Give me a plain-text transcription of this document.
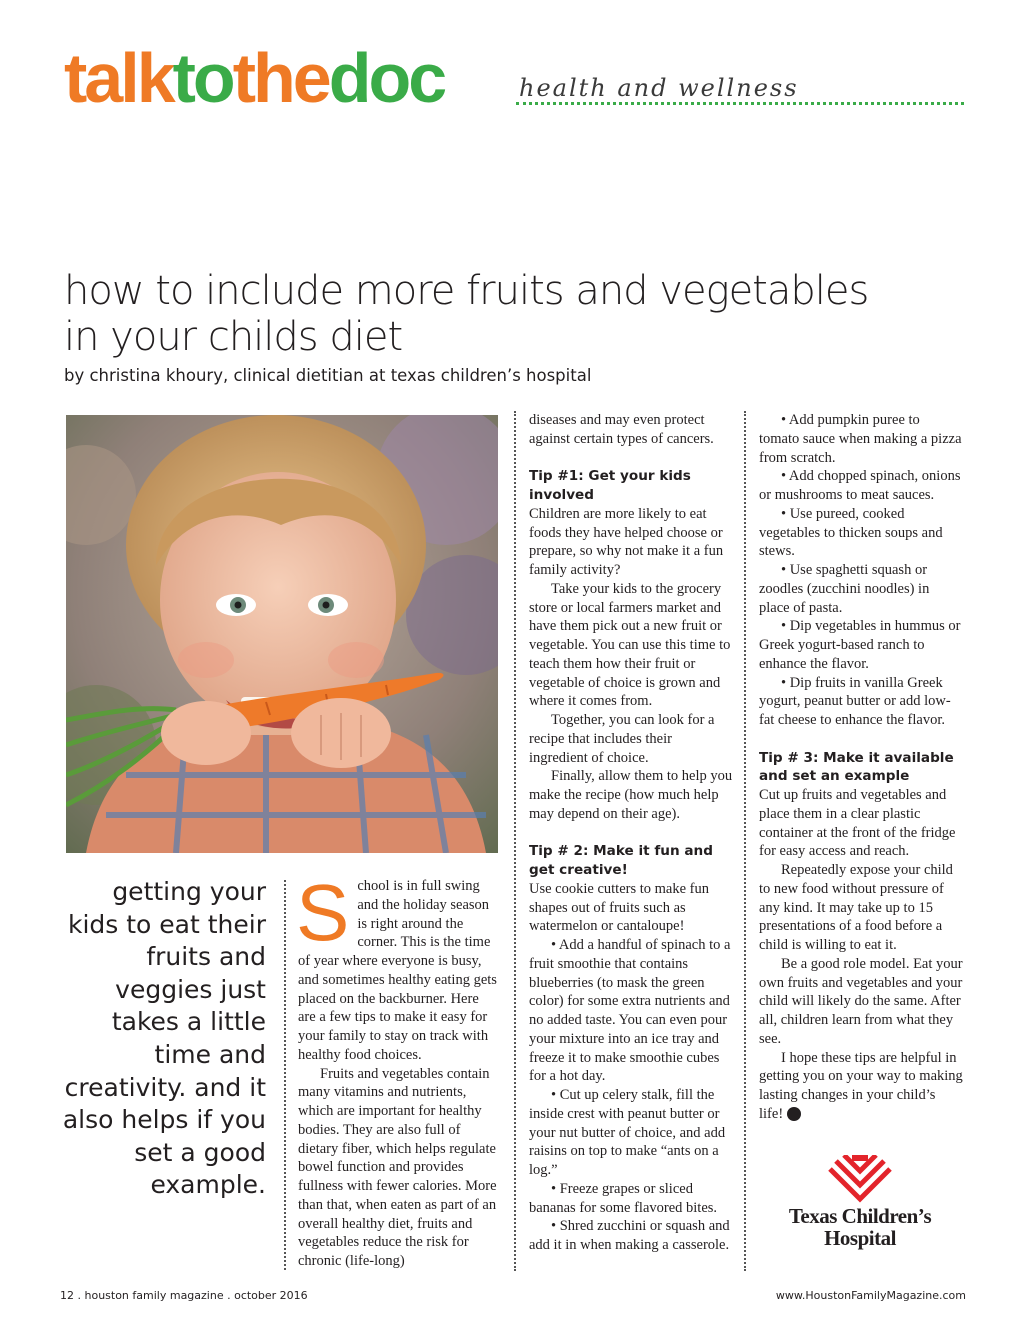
talktothedoc	health and wellness
how to include more fruits and vegetables
in your childs diet
by christina khoury, clinical dietitian at texas children’s hospital
getting your kids to eat their fruits and veggies just takes a little time and creativity. and it also helps if you set a good example.
S chool is in full swing and the holiday season is right around the corner. This is the time of year where everyone is busy, and sometimes healthy eating gets placed on the backburner. Here are a few tips to make it easy for your family to stay on track with healthy food choices.

Fruits and vegetables contain many vitamins and nutrients, which are important for healthy bodies. They are also full of dietary fiber, which helps regulate bowel function and provides fullness with fewer calories. More than that, when eaten as part of an overall healthy diet, fruits and vegetables reduce the risk for chronic (life-long)

diseases and may even protect against certain types of cancers.

Tip #1: Get your kids involved

Children are more likely to eat foods they have helped choose or prepare, so why not make it a fun family activity?

Take your kids to the grocery store or local farmers market and have them pick out a new fruit or vegetable. You can use this time to teach them how their fruit or vegetable of choice is grown and where it comes from.

Together, you can look for a recipe that includes their ingredient of choice.

Finally, allow them to help you make the recipe (how much help may depend on their age).

Tip # 2: Make it fun and get creative!

Use cookie cutters to make fun shapes out of fruits such as watermelon or cantaloupe!

• Add a handful of spinach to a fruit smoothie that contains blueberries (to mask the green color) for some extra nutrients and no added taste. You can even pour your mixture into an ice tray and freeze it to make smoothie cubes for a hot day.

• Cut up celery stalk, fill the inside crest with peanut butter or your nut butter of choice, and add raisins on top to make “ants on a log.”

• Freeze grapes or sliced bananas for some flavored bites.

• Shred zucchini or squash and add it in when making a casserole.

• Add pumpkin puree to tomato sauce when making a pizza from scratch.

• Add chopped spinach, onions or mushrooms to meat sauces.

• Use pureed, cooked vegetables to thicken soups and stews.

• Use spaghetti squash or zoodles (zucchini noodles) in place of pasta.

• Dip vegetables in hummus or Greek yogurt-based ranch to enhance the flavor.

• Dip fruits in vanilla Greek yogurt, peanut butter or add low-fat cheese to enhance the flavor.

Tip # 3: Make it available and set an example

Cut up fruits and vegetables and place them in a clear plastic container at the front of the fridge for easy access and reach.

Repeatedly expose your child to new food without pressure of any kind. It may take up to 15 presentations of a food before a child is willing to eat it.

Be a good role model. Eat your own fruits and vegetables and your child will likely do the same. After all, children learn from what they see.

I hope these tips are helpful in getting you on your way to making lasting changes in your child’s life!	HF

Texas Children’s
Hospital
12 . houston family magazine . october 2016	www.HoustonFamilyMagazine.com
